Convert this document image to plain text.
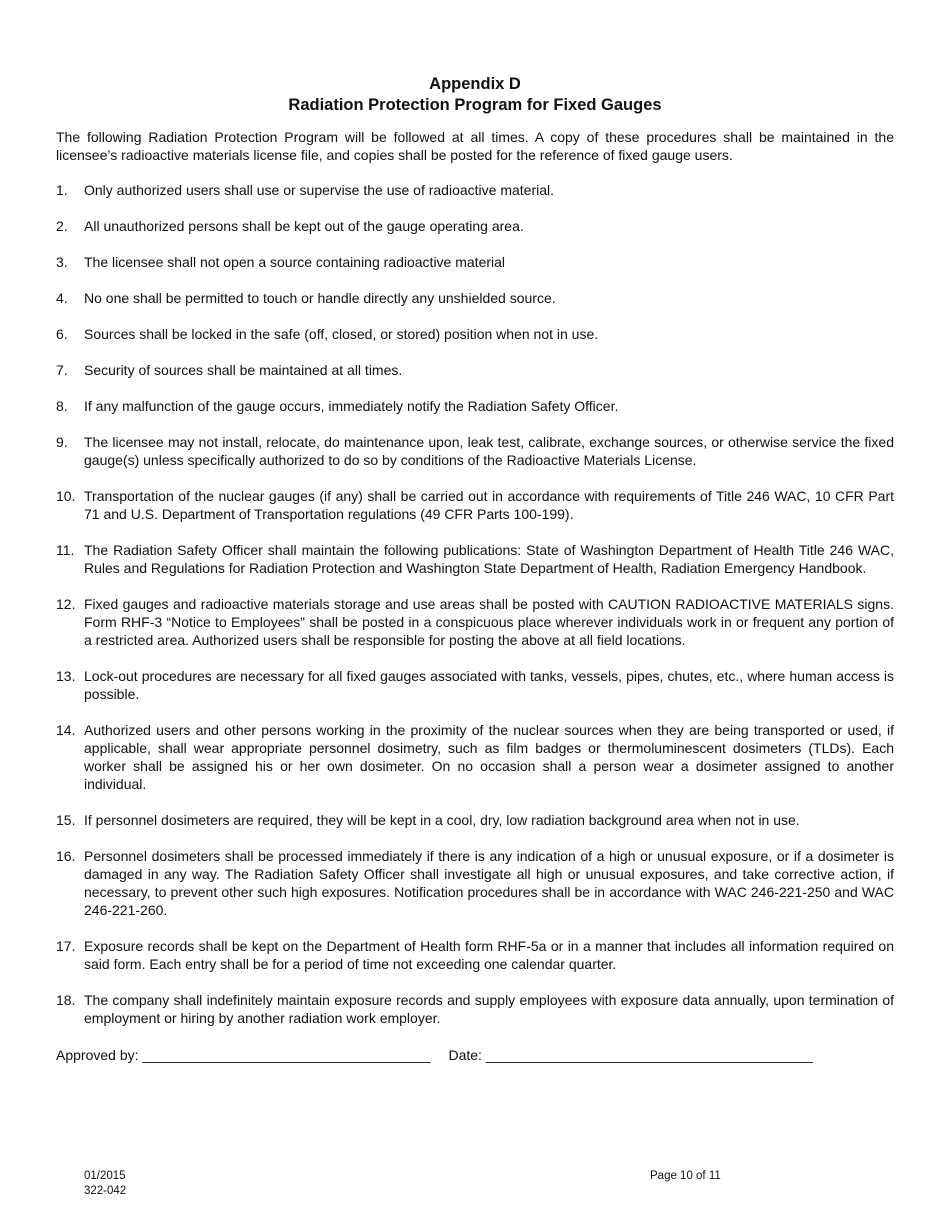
Appendix D
Radiation Protection Program for Fixed Gauges
The following Radiation Protection Program will be followed at all times. A copy of these procedures shall be maintained in the licensee’s radioactive materials license file, and copies shall be posted for the reference of fixed gauge users.
1.	Only authorized users shall use or supervise the use of radioactive material.
2.	All unauthorized persons shall be kept out of the gauge operating area.
3.	The licensee shall not open a source containing radioactive material
4.	No one shall be permitted to touch or handle directly any unshielded source.
6.	Sources shall be locked in the safe (off, closed, or stored) position when not in use.
7.	Security of sources shall be maintained at all times.
8.	If any malfunction of the gauge occurs, immediately notify the Radiation Safety Officer.
9.	The licensee may not install, relocate, do maintenance upon, leak test, calibrate, exchange sources, or otherwise service the fixed gauge(s) unless specifically authorized to do so by conditions of the Radioactive Materials License.
10. Transportation of the nuclear gauges (if any) shall be carried out in accordance with requirements of Title 246 WAC, 10 CFR Part 71 and U.S. Department of Transportation regulations (49 CFR Parts 100-199).
11. The Radiation Safety Officer shall maintain the following publications: State of Washington Department of Health Title 246 WAC, Rules and Regulations for Radiation Protection and Washington State Department of Health, Radiation Emergency Handbook.
12. Fixed gauges and radioactive materials storage and use areas shall be posted with CAUTION RADIOACTIVE MATERIALS signs. Form RHF-3 “Notice to Employees” shall be posted in a conspicuous place wherever individuals work in or frequent any portion of a restricted area. Authorized users shall be responsible for posting the above at all field locations.
13. Lock-out procedures are necessary for all fixed gauges associated with tanks, vessels, pipes, chutes, etc., where human access is possible.
14. Authorized users and other persons working in the proximity of the nuclear sources when they are being transported or used, if applicable, shall wear appropriate personnel dosimetry, such as film badges or thermoluminescent dosimeters (TLDs). Each worker shall be assigned his or her own dosimeter. On no occasion shall a person wear a dosimeter assigned to another individual.
15. If personnel dosimeters are required, they will be kept in a cool, dry, low radiation background area when not in use.
16. Personnel dosimeters shall be processed immediately if there is any indication of a high or unusual exposure, or if a dosimeter is damaged in any way. The Radiation Safety Officer shall investigate all high or unusual exposures, and take corrective action, if necessary, to prevent other such high exposures. Notification procedures shall be in accordance with WAC 246-221-250 and WAC 246-221-260.
17. Exposure records shall be kept on the Department of Health form RHF-5a or in a manner that includes all information required on said form. Each entry shall be for a period of time not exceeding one calendar quarter.
18. The company shall indefinitely maintain exposure records and supply employees with exposure data annually, upon termination of employment or hiring by another radiation work employer.
Approved by: _____________________________________ Date: __________________________________________
01/2015
322-042
Page 10 of 11
